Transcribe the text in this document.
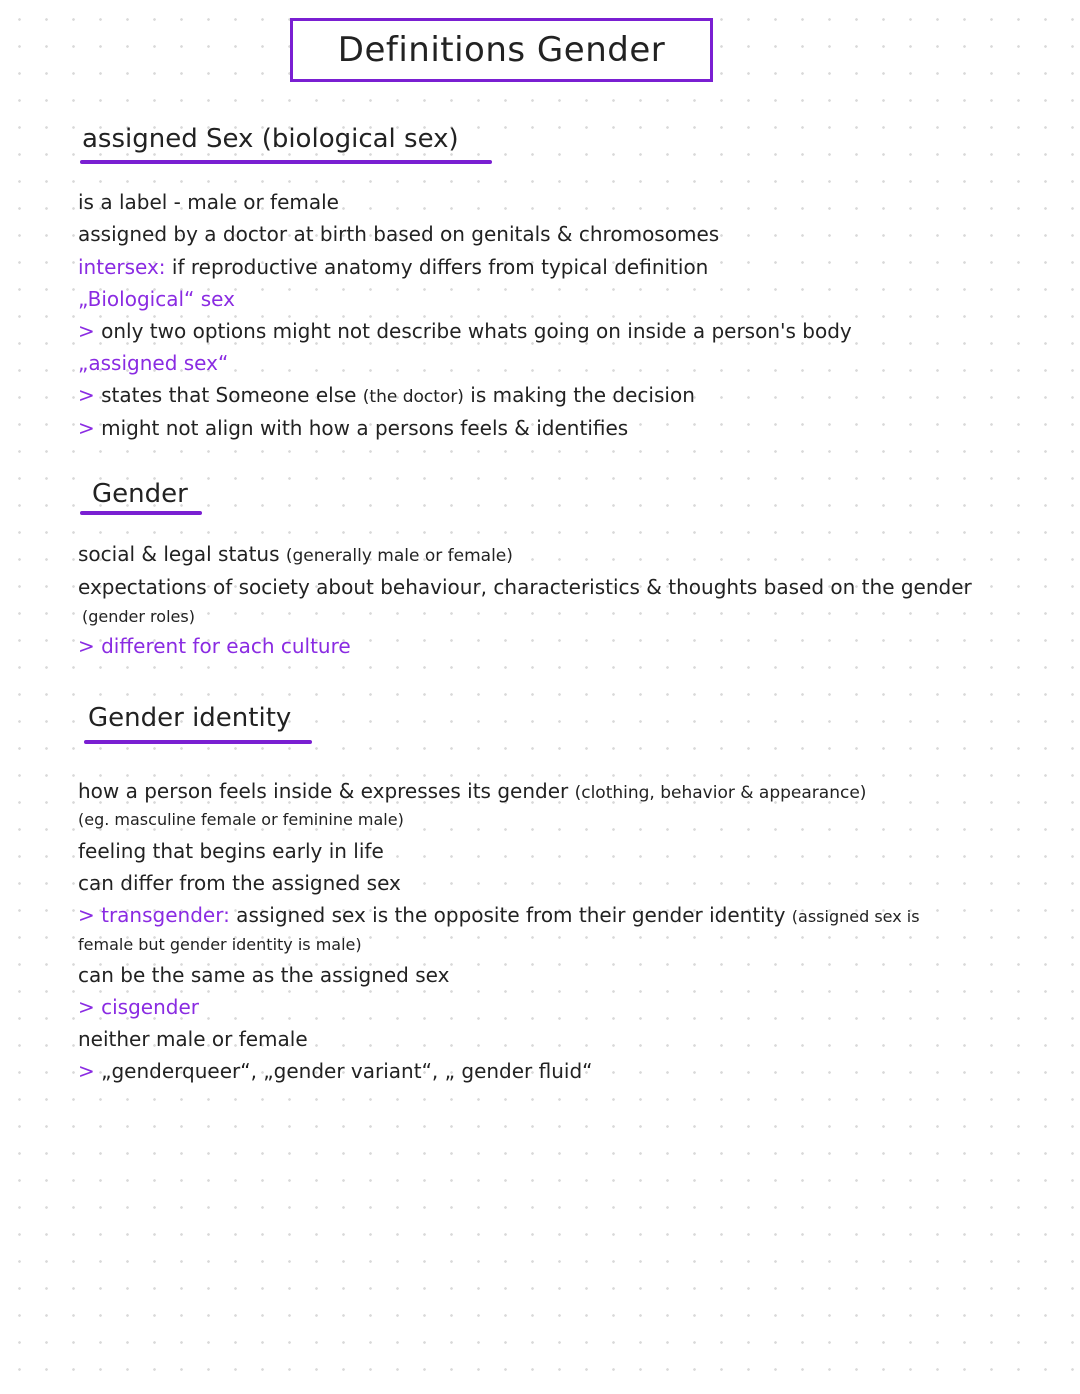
Definitions Gender
assigned Sex (biological sex)
is a label - male or female
assigned by a doctor at birth based on genitals & chromosomes
intersex: if reproductive anatomy differs from typical definition
„Biological“ sex
> only two options might not describe whats going on inside a person's body
„assigned sex“
> states that Someone else (the doctor) is making the decision
> might not align with how a persons feels & identifies
Gender
social & legal status (generally male or female)
expectations of society about behaviour, characteristics & thoughts based on the gender
(gender roles)
> different for each culture
Gender identity
how a person feels inside & expresses its gender (clothing, behavior & appearance)
(eg. masculine female or feminine male)
feeling that begins early in life
can differ from the assigned sex
> transgender: assigned sex is the opposite from their gender identity (assigned sex is
female but gender identity is male)
can be the same as the assigned sex
> cisgender
neither male or female
> „genderqueer“, „gender variant“, „ gender fluid“
